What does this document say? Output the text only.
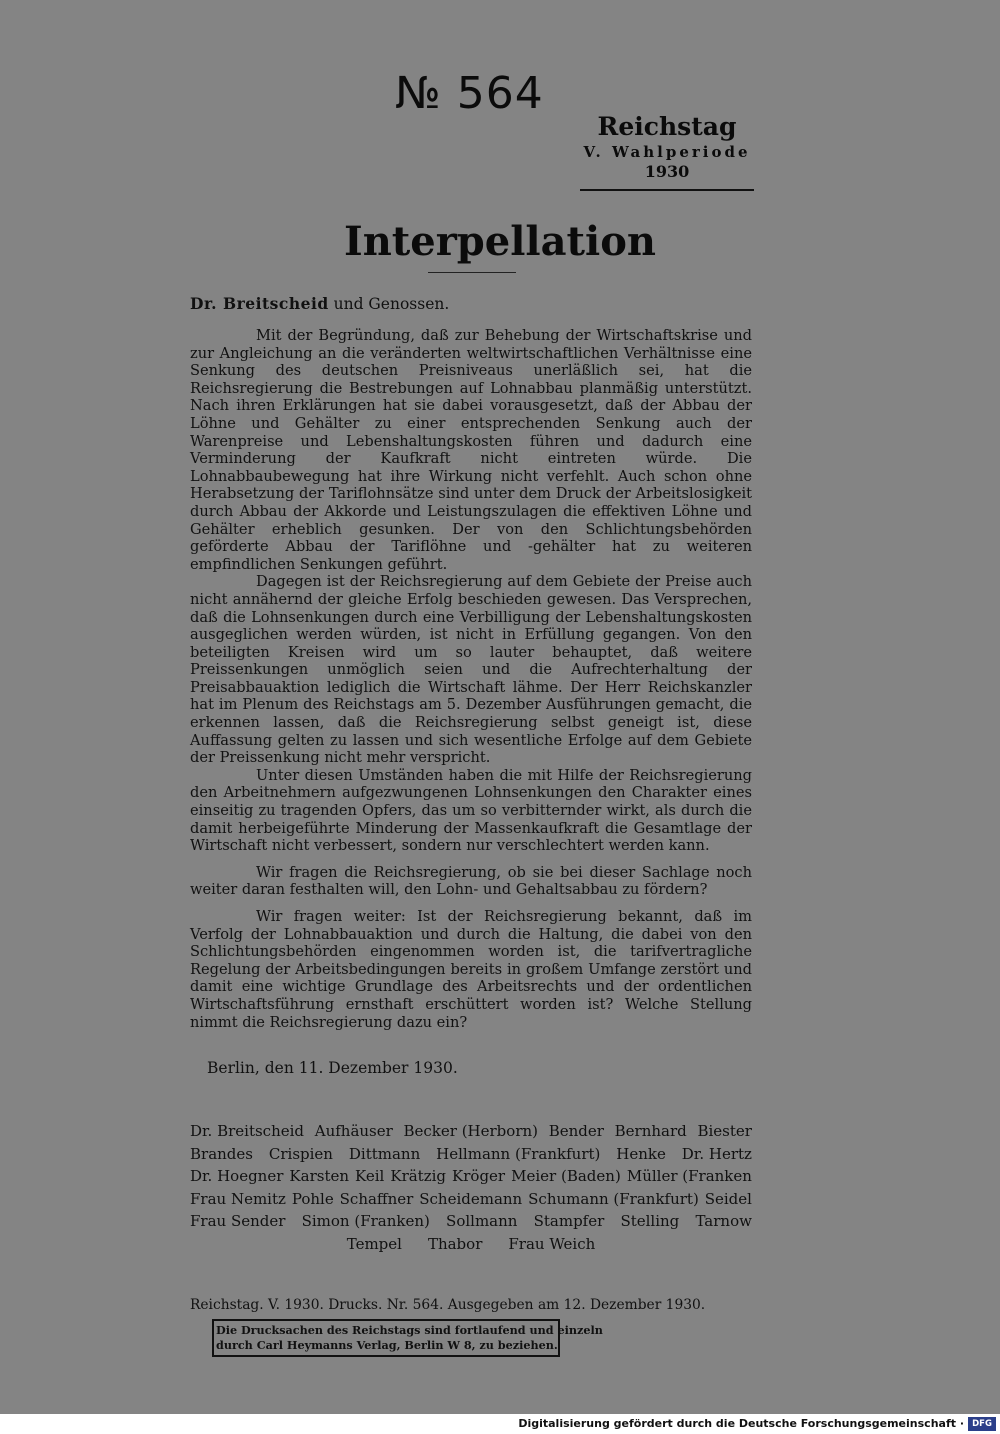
№ 564
Reichstag
V. Wahlperiode
1930
Interpellation
Dr. Breitscheid und Genossen.

Mit der Begründung, daß zur Behebung der Wirtschaftskrise und zur Angleichung an die veränderten weltwirtschaftlichen Verhältnisse eine Senkung des deutschen Preisniveaus unerläßlich sei, hat die Reichsregierung die Bestrebungen auf Lohnabbau planmäßig unterstützt. Nach ihren Erklärungen hat sie dabei vorausgesetzt, daß der Abbau der Löhne und Gehälter zu einer entsprechenden Senkung auch der Warenpreise und Lebenshaltungskosten führen und dadurch eine Verminderung der Kaufkraft nicht eintreten würde. Die Lohnabbaubewegung hat ihre Wirkung nicht verfehlt. Auch schon ohne Herabsetzung der Tariflohnsätze sind unter dem Druck der Arbeitslosigkeit durch Abbau der Akkorde und Leistungszulagen die effektiven Löhne und Gehälter erheblich gesunken. Der von den Schlichtungsbehörden geförderte Abbau der Tariflöhne und -gehälter hat zu weiteren empfindlichen Senkungen geführt.

Dagegen ist der Reichsregierung auf dem Gebiete der Preise auch nicht annähernd der gleiche Erfolg beschieden gewesen. Das Versprechen, daß die Lohnsenkungen durch eine Verbilligung der Lebenshaltungskosten ausgeglichen werden würden, ist nicht in Erfüllung gegangen. Von den beteiligten Kreisen wird um so lauter behauptet, daß weitere Preissenkungen unmöglich seien und die Aufrechterhaltung der Preisabbauaktion lediglich die Wirtschaft lähme. Der Herr Reichskanzler hat im Plenum des Reichstags am 5. Dezember Ausführungen gemacht, die erkennen lassen, daß die Reichsregierung selbst geneigt ist, diese Auffassung gelten zu lassen und sich wesentliche Erfolge auf dem Gebiete der Preissenkung nicht mehr verspricht.

Unter diesen Umständen haben die mit Hilfe der Reichsregierung den Arbeitnehmern aufgezwungenen Lohnsenkungen den Charakter eines einseitig zu tragenden Opfers, das um so verbitternder wirkt, als durch die damit herbeigeführte Minderung der Massenkaufkraft die Gesamtlage der Wirtschaft nicht verbessert, sondern nur verschlechtert werden kann.

Wir fragen die Reichsregierung, ob sie bei dieser Sachlage noch weiter daran festhalten will, den Lohn- und Gehaltsabbau zu fördern?

Wir fragen weiter: Ist der Reichsregierung bekannt, daß im Verfolg der Lohnabbauaktion und durch die Haltung, die dabei von den Schlichtungsbehörden eingenommen worden ist, die tarifvertragliche Regelung der Arbeitsbedingungen bereits in großem Umfange zerstört und damit eine wichtige Grundlage des Arbeitsrechts und der ordentlichen Wirtschaftsführung ernsthaft erschüttert worden ist? Welche Stellung nimmt die Reichsregierung dazu ein?

Berlin, den 11. Dezember 1930.
Dr. Breitscheid Aufhäuser Becker (Herborn) Bender Bernhard Biester
Brandes Crispien Dittmann Hellmann (Frankfurt) Henke Dr. Hertz
Dr. Hoegner Karsten Keil Krätzig Kröger Meier (Baden) Müller (Franken
Frau Nemitz Pohle Schaffner Scheidemann Schumann (Frankfurt) Seidel
Frau Sender Simon (Franken) Sollmann Stampfer Stelling Tarnow
Tempel Thabor Frau Weich
Reichstag. V. 1930. Drucks. Nr. 564. Ausgegeben am 12. Dezember 1930.
Die Drucksachen des Reichstags sind fortlaufend und einzeln
durch Carl Heymanns Verlag, Berlin W 8, zu beziehen.
Digitalisierung gefördert durch die Deutsche Forschungsgemeinschaft · DFG
